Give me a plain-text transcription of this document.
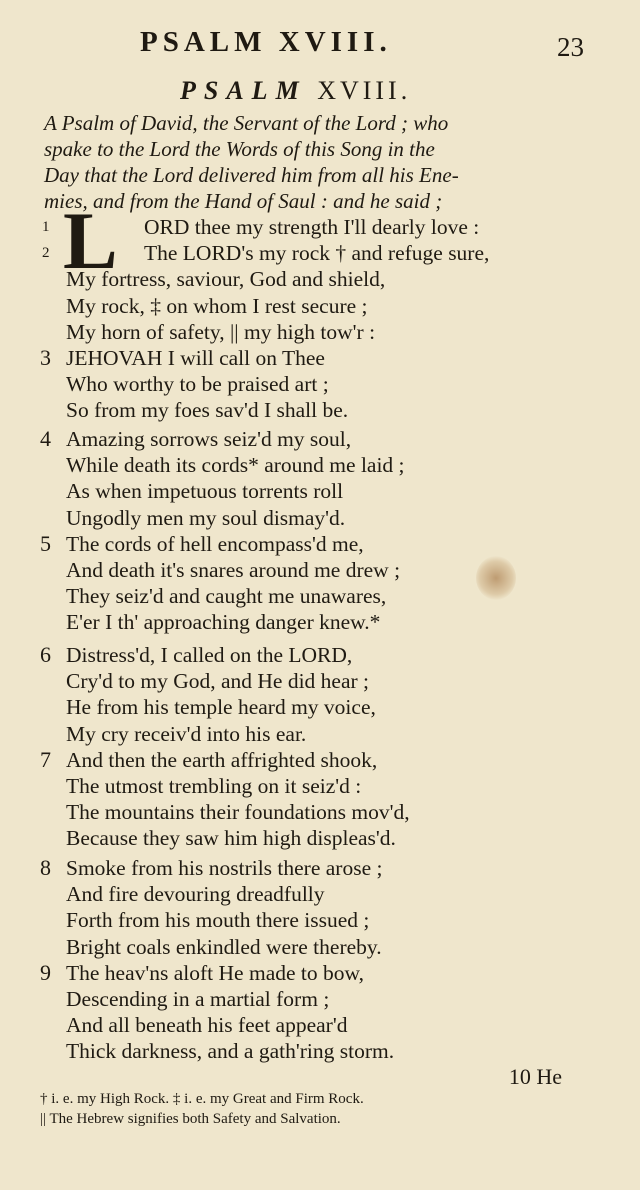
PSALM XVIII.	23
PSALM XVIII.
A Psalm of David, the Servant of the Lord ; who
spake to the Lord the Words of this Song in the
Day that the Lord delivered him from all his Ene-
mies, and from the Hand of Saul : and he said ;
L ORD thee my strength I'll dearly love :
1
The LORD's my rock † and refuge sure,
2
My fortress, saviour, God and shield,
My rock, ‡ on whom I rest secure ;
My horn of safety, || my high tow'r :
JEHOVAH I will call on Thee
3
Who worthy to be praised art ;
So from my foes sav'd I shall be.
Amazing sorrows seiz'd my soul,
4
While death its cords* around me laid ;
As when impetuous torrents roll
Ungodly men my soul dismay'd.
The cords of hell encompass'd me,
5
And death it's snares around me drew ;
They seiz'd and caught me unawares,
E'er I th' approaching danger knew.*
Distress'd, I called on the LORD,
6
Cry'd to my God, and He did hear ;
He from his temple heard my voice,
My cry receiv'd into his ear.
And then the earth affrighted shook,
7
The utmost trembling on it seiz'd :
The mountains their foundations mov'd,
Because they saw him high displeas'd.
Smoke from his nostrils there arose ;
8
And fire devouring dreadfully
Forth from his mouth there issued ;
Bright coals enkindled were thereby.
The heav'ns aloft He made to bow,
9
Descending in a martial form ;
And all beneath his feet appear'd
Thick darkness, and a gath'ring storm.
10 He
† i. e. my High Rock. ‡ i. e. my Great and Firm Rock.
|| The Hebrew signifies both Safety and Salvation.
